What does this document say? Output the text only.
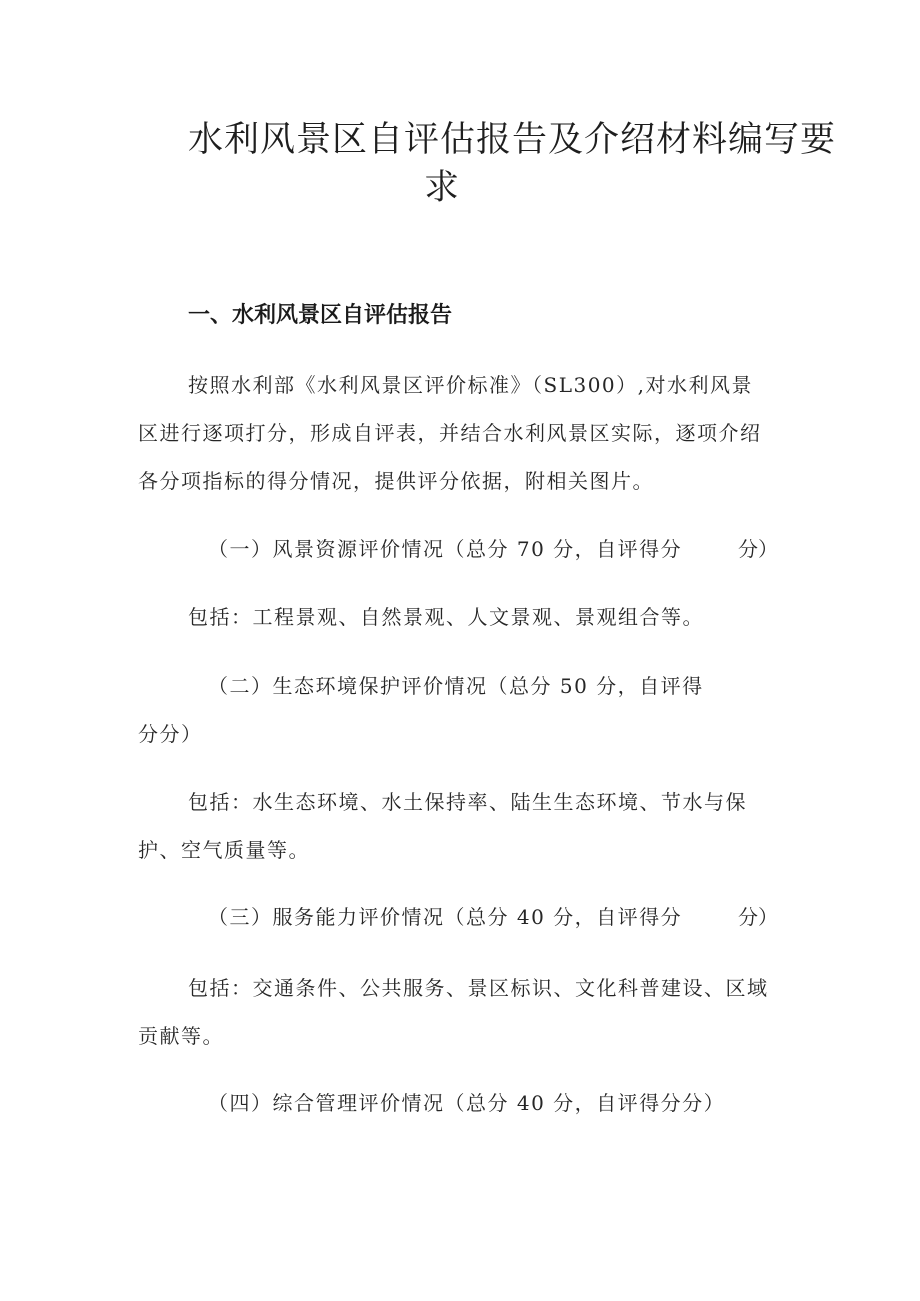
水利风景区自评估报告及介绍材料编写要
求
一、水利风景区自评估报告
按照水利部《水利风景区评价标准》（SL300）,对水利风景
区进行逐项打分，形成自评表，并结合水利风景区实际，逐项介绍
各分项指标的得分情况，提供评分依据，附相关图片。
（一）风景资源评价情况（总分 70 分，自评得分	分）
包括：工程景观、自然景观、人文景观、景观组合等。
（二）生态环境保护评价情况（总分 50 分，自评得
分分）
包括：水生态环境、水土保持率、陆生生态环境、节水与保
护、空气质量等。
（三）服务能力评价情况（总分 40 分，自评得分	分）
包括：交通条件、公共服务、景区标识、文化科普建设、区域
贡献等。
（四）综合管理评价情况（总分 40 分，自评得分分）
